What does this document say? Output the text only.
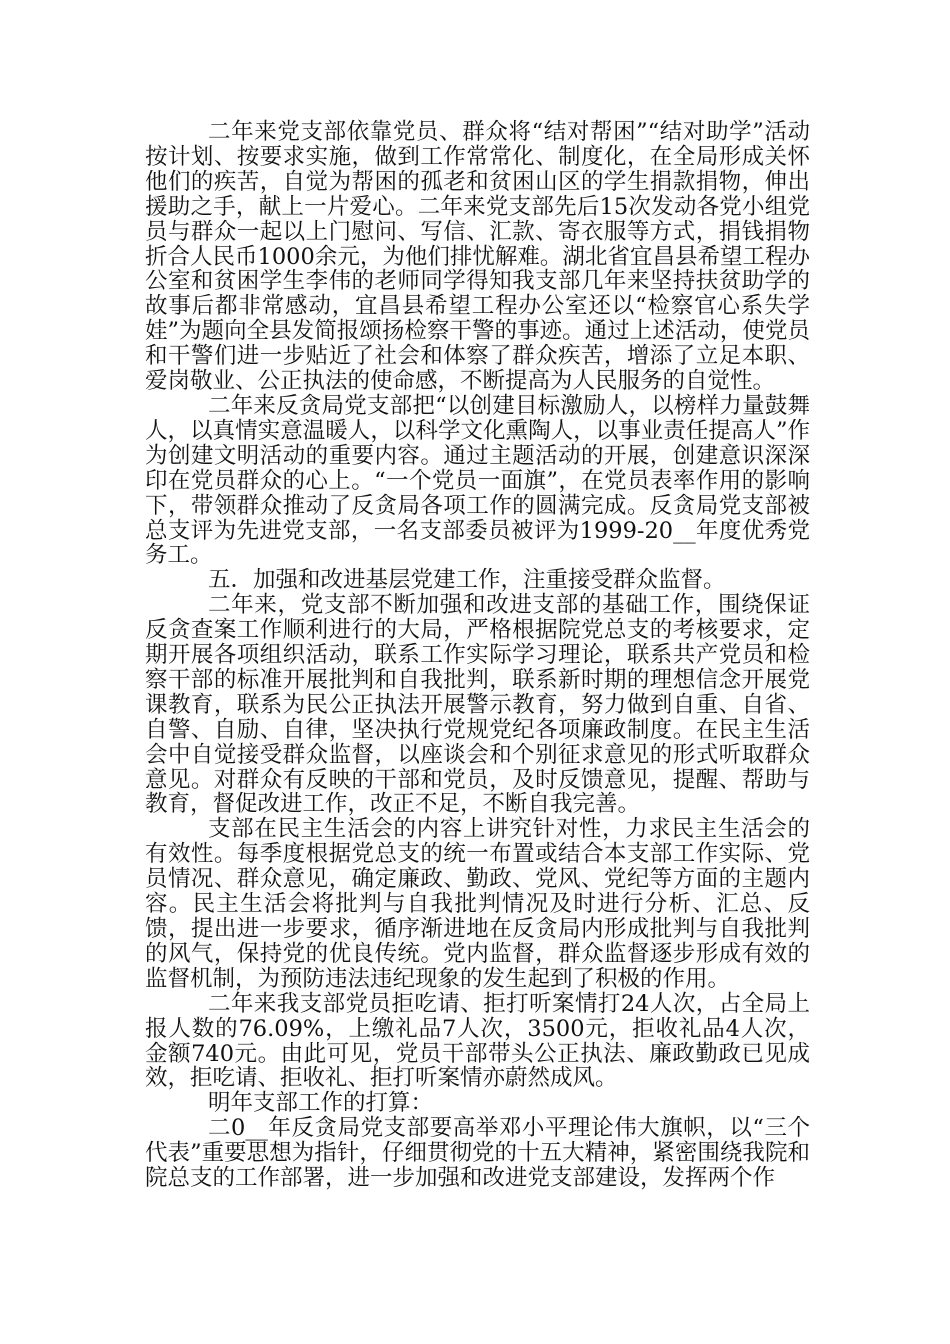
二年来党支部依靠党员、群众将“结对帮困”“结对助学”活动按计划、按要求实施，做到工作常常化、制度化，在全局形成关怀他们的疾苦，自觉为帮困的孤老和贫困山区的学生捐款捐物，伸出援助之手，献上一片爱心。二年来党支部先后15次发动各党小组党员与群众一起以上门慰问、写信、汇款、寄衣服等方式，捐钱捐物折合人民币1000余元，为他们排忧解难。湖北省宜昌县希望工程办公室和贫困学生李伟的老师同学得知我支部几年来坚持扶贫助学的故事后都非常感动，宜昌县希望工程办公室还以“检察官心系失学娃”为题向全县发简报颂扬检察干警的事迹。通过上述活动，使党员和干警们进一步贴近了社会和体察了群众疾苦，增添了立足本职、爱岗敬业、公正执法的使命感，不断提高为人民服务的自觉性。

二年来反贪局党支部把“以创建目标激励人，以榜样力量鼓舞人，以真情实意温暖人，以科学文化熏陶人，以事业责任提高人”作为创建文明活动的重要内容。通过主题活动的开展，创建意识深深印在党员群众的心上。“一个党员一面旗”，在党员表率作用的影响下，带领群众推动了反贪局各项工作的圆满完成。反贪局党支部被总支评为先进党支部，一名支部委员被评为1999-20__年度优秀党务工。

五．加强和改进基层党建工作，注重接受群众监督。

二年来，党支部不断加强和改进支部的基础工作，围绕保证反贪查案工作顺利进行的大局，严格根据院党总支的考核要求，定期开展各项组织活动，联系工作实际学习理论，联系共产党员和检察干部的标准开展批判和自我批判，联系新时期的理想信念开展党课教育，联系为民公正执法开展警示教育，努力做到自重、自省、自警、自励、自律，坚决执行党规党纪各项廉政制度。在民主生活会中自觉接受群众监督，以座谈会和个别征求意见的形式听取群众意见。对群众有反映的干部和党员，及时反馈意见，提醒、帮助与教育，督促改进工作，改正不足，不断自我完善。

支部在民主生活会的内容上讲究针对性，力求民主生活会的有效性。每季度根据党总支的统一布置或结合本支部工作实际、党员情况、群众意见，确定廉政、勤政、党风、党纪等方面的主题内容。民主生活会将批判与自我批判情况及时进行分析、汇总、反馈，提出进一步要求，循序渐进地在反贪局内形成批判与自我批判的风气，保持党的优良传统。党内监督，群众监督逐步形成有效的监督机制，为预防违法违纪现象的发生起到了积极的作用。

二年来我支部党员拒吃请、拒打听案情打24人次，占全局上报人数的76.09%，上缴礼品7人次，3500元，拒收礼品4人次，金额740元。由此可见，党员干部带头公正执法、廉政勤政已见成效，拒吃请、拒收礼、拒打听案情亦蔚然成风。

明年支部工作的打算：

二0__年反贪局党支部要高举邓小平理论伟大旗帜，以“三个代表”重要思想为指针，仔细贯彻党的十五大精神，紧密围绕我院和院总支的工作部署，进一步加强和改进党支部建设，发挥两个作
